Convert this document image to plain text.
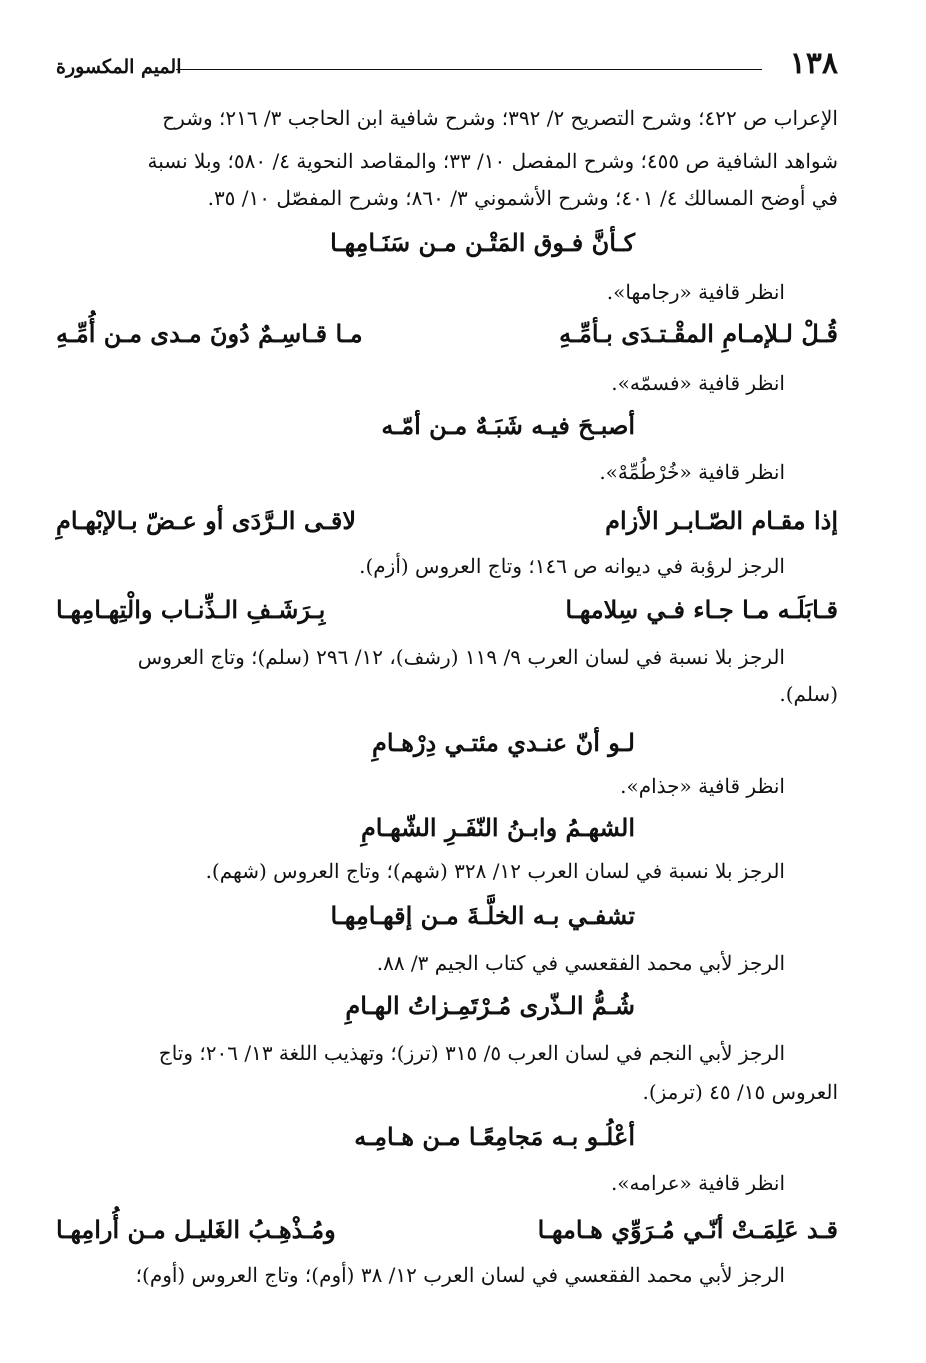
١٣٨
الميم المكسورة
الإعراب ص ٤٢٢؛ وشرح التصريح ٢/ ٣٩٢؛ وشرح شافية ابن الحاجب ٣/ ٢١٦؛ وشرح
شواهد الشافية ص ٤٥٥؛ وشرح المفصل ١٠/ ٣٣؛ والمقاصد النحوية ٤/ ٥٨٠؛ وبلا نسبة
في أوضح المسالك ٤/ ٤٠١؛ وشرح الأشموني ٣/ ٨٦٠؛ وشرح المفصّل ١٠/ ٣٥.
كـأنَّ فـوق المَتْـن مـن سَنَـامِهـا
انظر قافية «رجامها».
قُـلْ لـلإمـامِ المقْـتـدَى بـأمِّـهِ
مـا قـاسِـمٌ دُونَ مـدى مـن أُمِّـهِ
انظر قافية «فسمّه».
أصبـحَ فيـه شَبَـهٌ مـن أمّـه
انظر قافية «خُرْطُمِّهْ».
إذا مقـام الصّـابـر الأزام
لاقـى الـرَّدَى أو عـضّ بـالإبْهـامِ
الرجز لرؤبة في ديوانه ص ١٤٦؛ وتاج العروس (أزم).
قـابَلَـه مـا جـاء فـي سِلامهـا
بِـرَشَـفِ الـذِّنـاب والْتِهـامِهـا
الرجز بلا نسبة في لسان العرب ٩/ ١١٩ (رشف)، ١٢/ ٢٩٦ (سلم)؛ وتاج العروس
(سلم).
لـو أنّ عنـدي مئتـي دِرْهـامِ
انظر قافية «جذام».
الشهـمُ وابـنُ النّفَـرِ الشّهـامِ
الرجز بلا نسبة في لسان العرب ١٢/ ٣٢٨ (شهم)؛ وتاج العروس (شهم).
تشفـي بـه الخلَّـةَ مـن إقهـامِهـا
الرجز لأبي محمد الفقعسي في كتاب الجيم ٣/ ٨٨.
شُـمُّ الـذّرى مُـرْتَمِـزاتُ الهـامِ
الرجز لأبي النجم في لسان العرب ٥/ ٣١٥ (ترز)؛ وتهذيب اللغة ١٣/ ٢٠٦؛ وتاج
العروس ١٥/ ٤٥ (ترمز).
أعْلُـو بـه مَجامِعًـا مـن هـامِـه
انظر قافية «عرامه».
قـد عَلِمَـتْ أنّـي مُـرَوِّي هـامهـا
ومُـذْهِـبُ الغَليـل مـن أُرامِهـا
الرجز لأبي محمد الفقعسي في لسان العرب ١٢/ ٣٨ (أوم)؛ وتاج العروس (أوم)؛
